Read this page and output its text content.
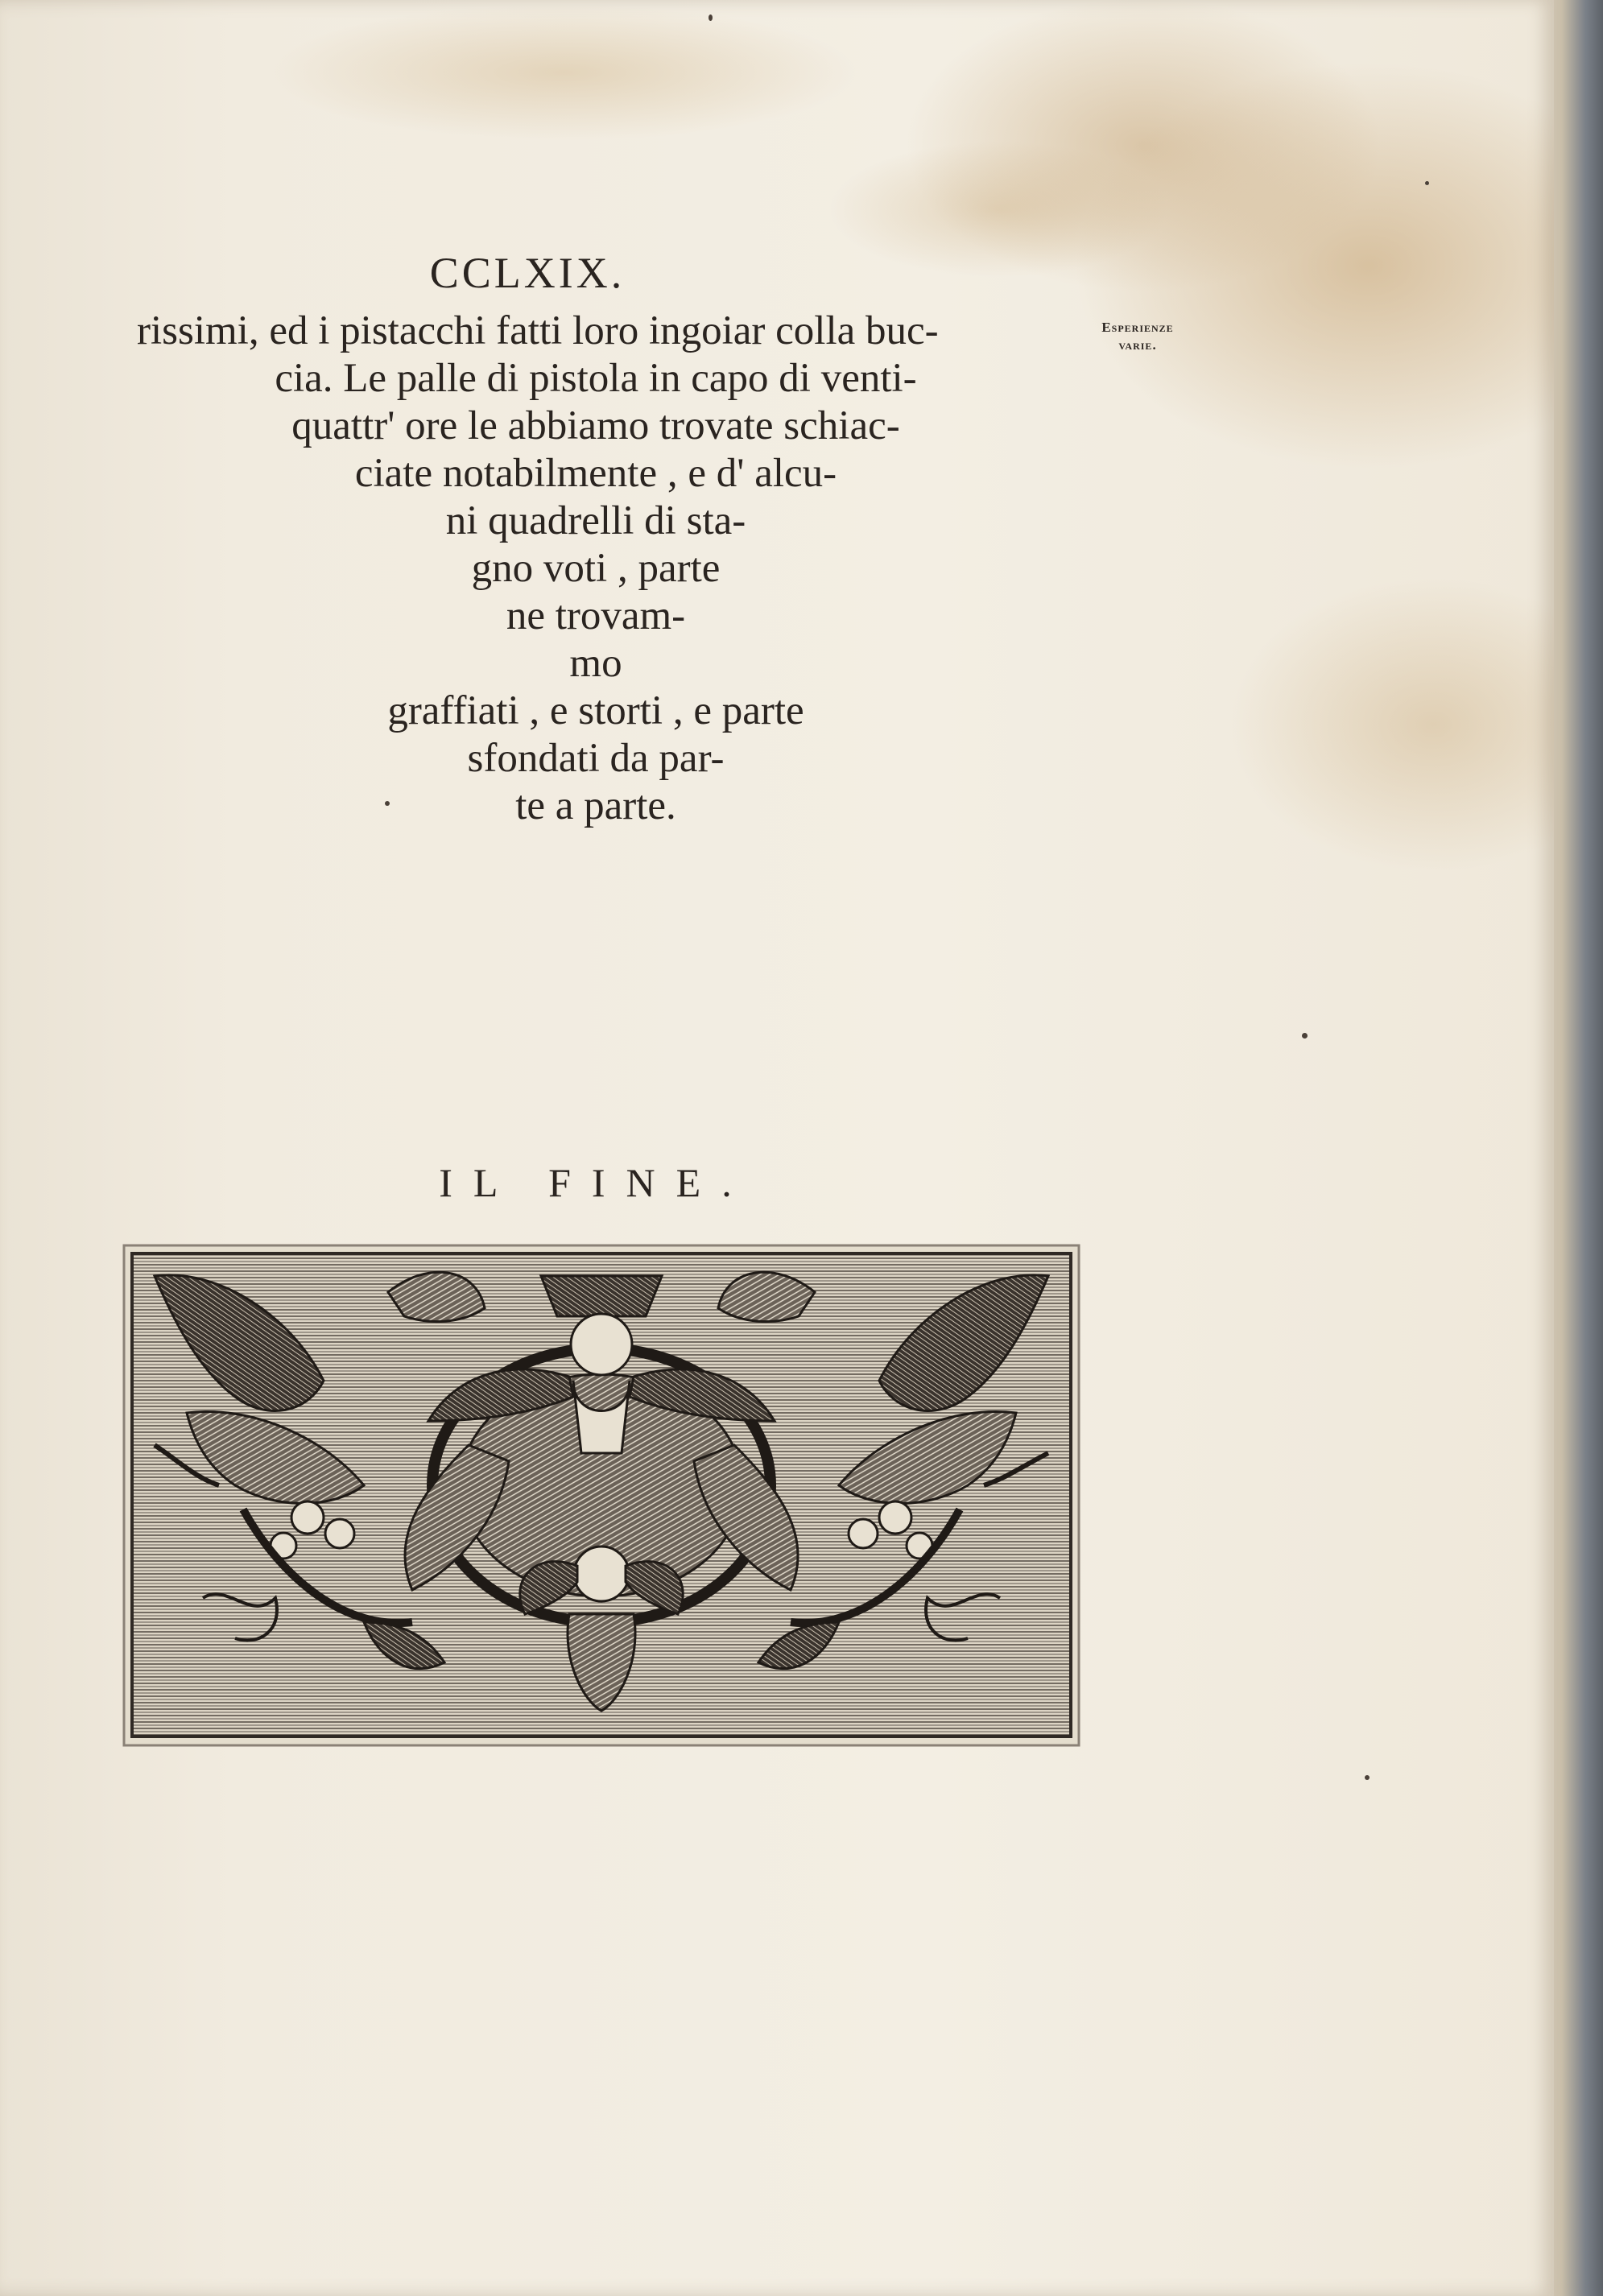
CCLXIX.
Esperienze
varie.
rissimi, ed i pistacchi fatti loro ingoiar colla buc-
cia. Le palle di pistola in capo di venti-
quattr' ore le abbiamo trovate schiac-
ciate notabilmente , e d' alcu-
ni quadrelli di sta-
gno voti , parte
ne trovam-
mo
graffiati , e storti , e parte
sfondati da par-
te a parte.
IL FINE.
